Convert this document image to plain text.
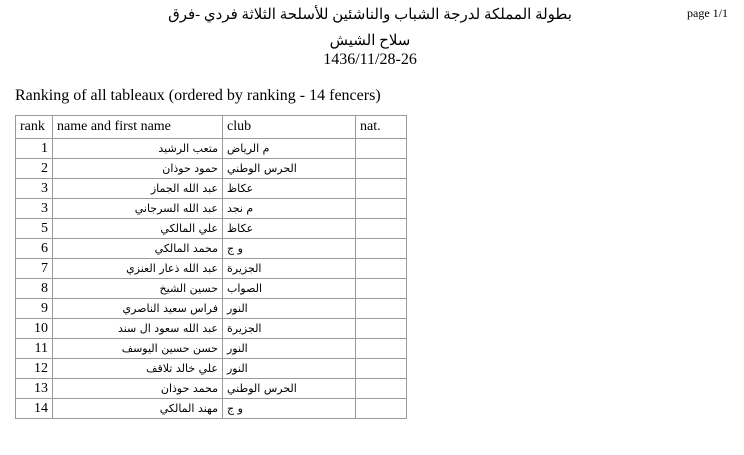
page 1/1
بطولة المملكة لدرجة الشباب والناشئين للأسلحة الثلاثة فردي -فرق
سلاح الشيش
1436/11/28-26
Ranking of all tableaux (ordered by ranking - 14 fencers)
rank	name and first name	club	nat.
1	متعب الرشيد	م الرياض	
2	حمود حوذان	الحرس الوطني	
3	عبد الله الجماز	عكاظ	
3	عبد الله السرجاني	م نجد	
5	علي المالكي	عكاظ	
6	محمد المالكي	و ج	
7	عبد الله ذعار العنزي	الجزيرة	
8	حسين الشيخ	الصواب	
9	فراس سعيد الناصري	النور	
10	عبد الله سعود ال سند	الجزيرة	
11	حسن حسين اليوسف	النور	
12	علي خالد تلاقف	النور	
13	محمد حوذان	الحرس الوطني	
14	مهند المالكي	و ج	
